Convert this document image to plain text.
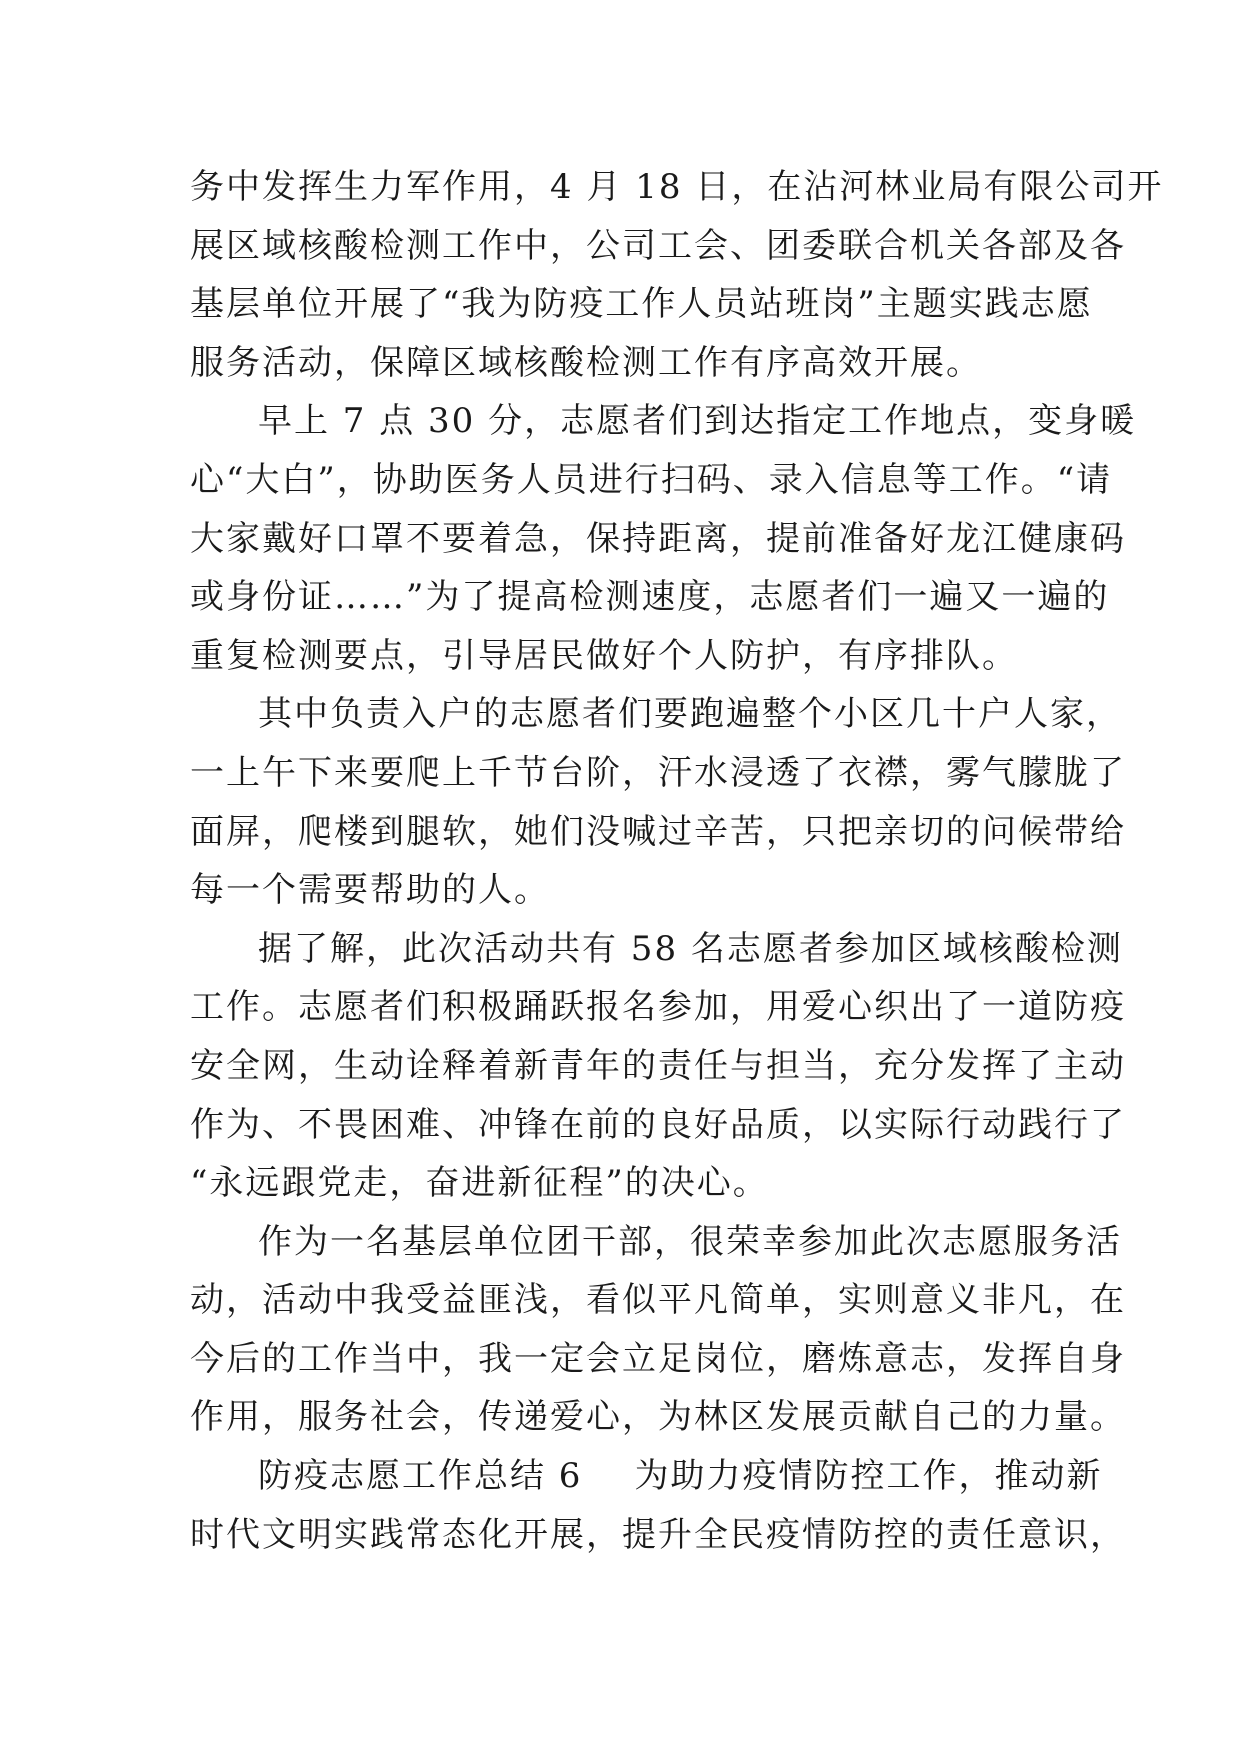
务中发挥生力军作用，4 月 18 日，在沾河林业局有限公司开
展区域核酸检测工作中，公司工会、团委联合机关各部及各
基层单位开展了“我为防疫工作人员站班岗”主题实践志愿
服务活动，保障区域核酸检测工作有序高效开展。
早上 7 点 30 分，志愿者们到达指定工作地点，变身暖
心“大白”，协助医务人员进行扫码、录入信息等工作。“请
大家戴好口罩不要着急，保持距离，提前准备好龙江健康码
或身份证……”为了提高检测速度，志愿者们一遍又一遍的
重复检测要点，引导居民做好个人防护，有序排队。
其中负责入户的志愿者们要跑遍整个小区几十户人家，
一上午下来要爬上千节台阶，汗水浸透了衣襟，雾气朦胧了
面屏，爬楼到腿软，她们没喊过辛苦，只把亲切的问候带给
每一个需要帮助的人。
据了解，此次活动共有 58 名志愿者参加区域核酸检测
工作。志愿者们积极踊跃报名参加，用爱心织出了一道防疫
安全网，生动诠释着新青年的责任与担当，充分发挥了主动
作为、不畏困难、冲锋在前的良好品质，以实际行动践行了
“永远跟党走，奋进新征程”的决心。
作为一名基层单位团干部，很荣幸参加此次志愿服务活
动，活动中我受益匪浅，看似平凡简单，实则意义非凡，在
今后的工作当中，我一定会立足岗位，磨炼意志，发挥自身
作用，服务社会，传递爱心，为林区发展贡献自己的力量。
防疫志愿工作总结 6 为助力疫情防控工作，推动新
时代文明实践常态化开展，提升全民疫情防控的责任意识，
